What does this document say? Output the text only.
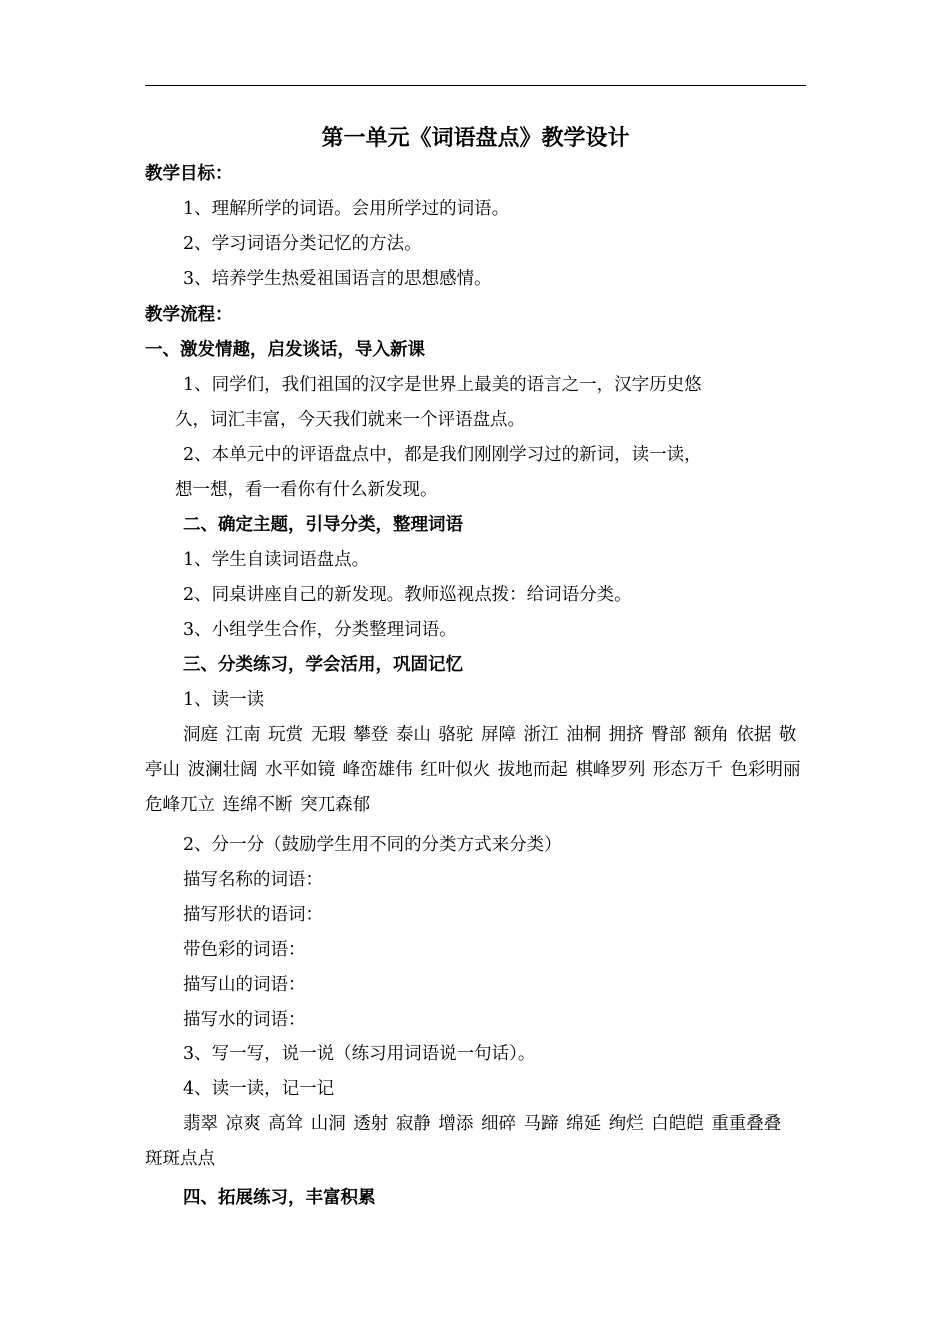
第一单元《词语盘点》教学设计
教学目标：
1、理解所学的词语。会用所学过的词语。
2、学习词语分类记忆的方法。
3、培养学生热爱祖国语言的思想感情。
教学流程：
一、激发情趣，启发谈话，导入新课
1、同学们，我们祖国的汉字是世界上最美的语言之一，汉字历史悠
久，词汇丰富，今天我们就来一个评语盘点。
2、本单元中的评语盘点中，都是我们刚刚学习过的新词，读一读，
想一想，看一看你有什么新发现。
二、确定主题，引导分类，整理词语
1、学生自读词语盘点。
2、同桌讲座自己的新发现。教师巡视点拨：给词语分类。
3、小组学生合作，分类整理词语。
三、分类练习，学会活用，巩固记忆
1、读一读
洞庭 江南 玩赏 无瑕 攀登 泰山 骆驼 屏障 浙江 油桐 拥挤 臀部 额角 依据 敬亭山 波澜壮阔 水平如镜 峰峦雄伟 红叶似火 拔地而起 棋峰罗列 形态万千 色彩明丽 危峰兀立 连绵不断 突兀森郁
2、分一分（鼓励学生用不同的分类方式来分类）
描写名称的词语：
描写形状的语词：
带色彩的词语：
描写山的词语：
描写水的词语：
3、写一写，说一说（练习用词语说一句话）。
4、读一读，记一记
翡翠 凉爽 高耸 山洞 透射 寂静 增添 细碎 马蹄 绵延 绚烂 白皑皑 重重叠叠 斑斑点点
四、拓展练习，丰富积累
